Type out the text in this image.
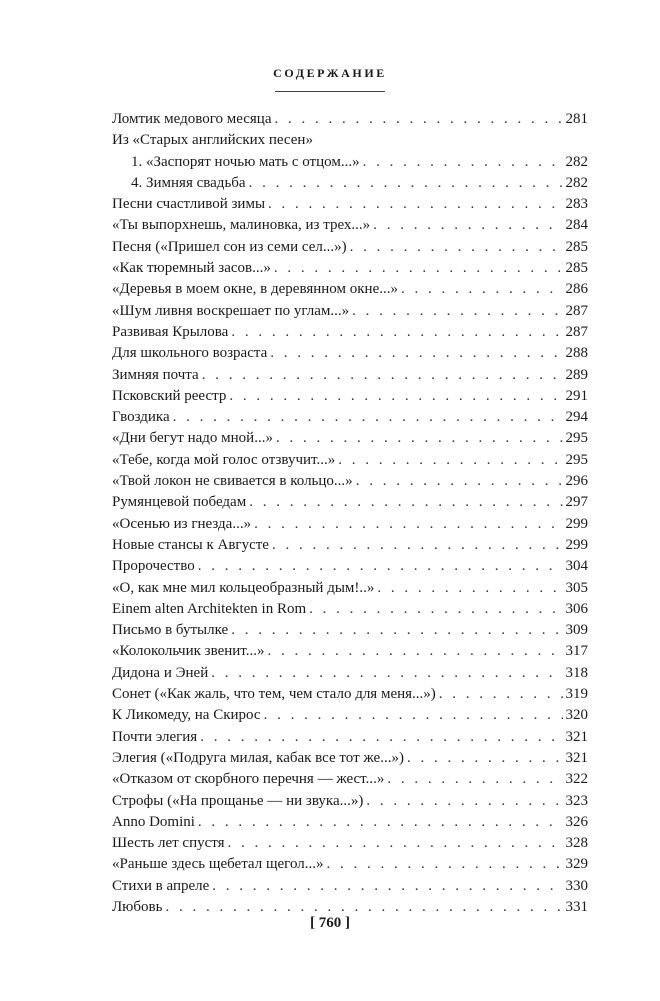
СОДЕРЖАНИЕ
Ломтик медового месяца . . .	281
Из «Старых английских песен»
1. «Заспорят ночью мать с отцом...» . . .	282
4. Зимняя свадьба . . .	282
Песни счастливой зимы . . .	283
«Ты выпорхнешь, малиновка, из трех...» . . .	284
Песня («Пришел сон из семи сел...») . . .	285
«Как тюремный засов...» . . .	285
«Деревья в моем окне, в деревянном окне...» . . .	286
«Шум ливня воскрешает по углам...» . . .	287
Развивая Крылова . . .	287
Для школьного возраста . . .	288
Зимняя почта . . .	289
Псковский реестр . . .	291
Гвоздика . . .	294
«Дни бегут надо мной...» . . .	295
«Тебе, когда мой голос отзвучит...» . . .	295
«Твой локон не свивается в кольцо...» . . .	296
Румянцевой победам . . .	297
«Осенью из гнезда...» . . .	299
Новые стансы к Августе . . .	299
Пророчество . . .	304
«О, как мне мил кольцеобразный дым!..» . . .	305
Einem alten Architekten in Rom . . .	306
Письмо в бутылке . . .	309
«Колокольчик звенит...» . . .	317
Дидона и Эней . . .	318
Сонет («Как жаль, что тем, чем стало для меня...») . . .	319
К Ликомеду, на Скирос . . .	320
Почти элегия . . .	321
Элегия («Подруга милая, кабак все тот же...») . . .	321
«Отказом от скорбного перечня — жест...» . . .	322
Строфы («На прощанье — ни звука...») . . .	323
Anno Domini . . .	326
Шесть лет спустя . . .	328
«Раньше здесь щебетал щегол...» . . .	329
Стихи в апреле . . .	330
Любовь . . .	331
[ 760 ]
